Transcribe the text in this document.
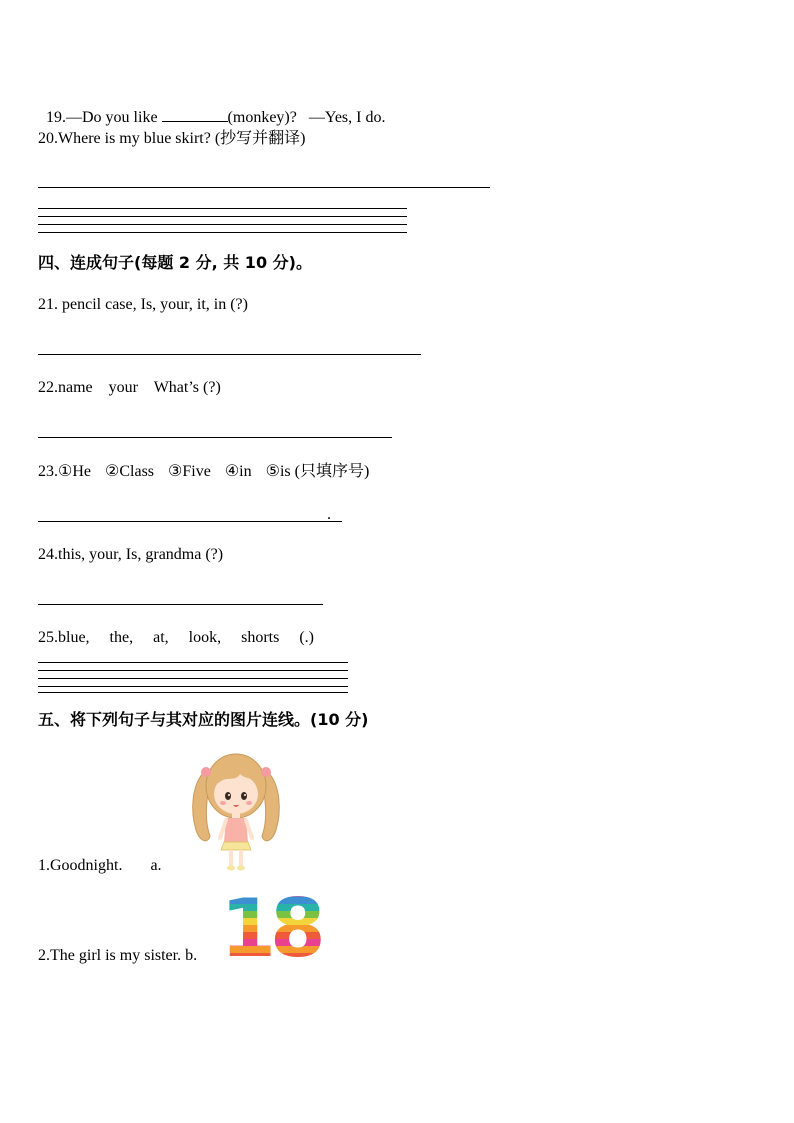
19.—Do you like	(monkey)? —Yes, I do.

20.Where is my blue skirt? (抄写并翻译)
四、连成句子(每题 2 分, 共 10 分)。
21. pencil case, Is, your, it, in (?)
22.name your What’s (?)
23.①He ②Class ③Five ④in ⑤is (只填序号)
.
24.this, your, Is, grandma (?)
25.blue, the, at, look, shorts (.)
五、将下列句子与其对应的图片连线。(10 分)
1.Goodnight. a.
18
2.The girl is my sister. b.
